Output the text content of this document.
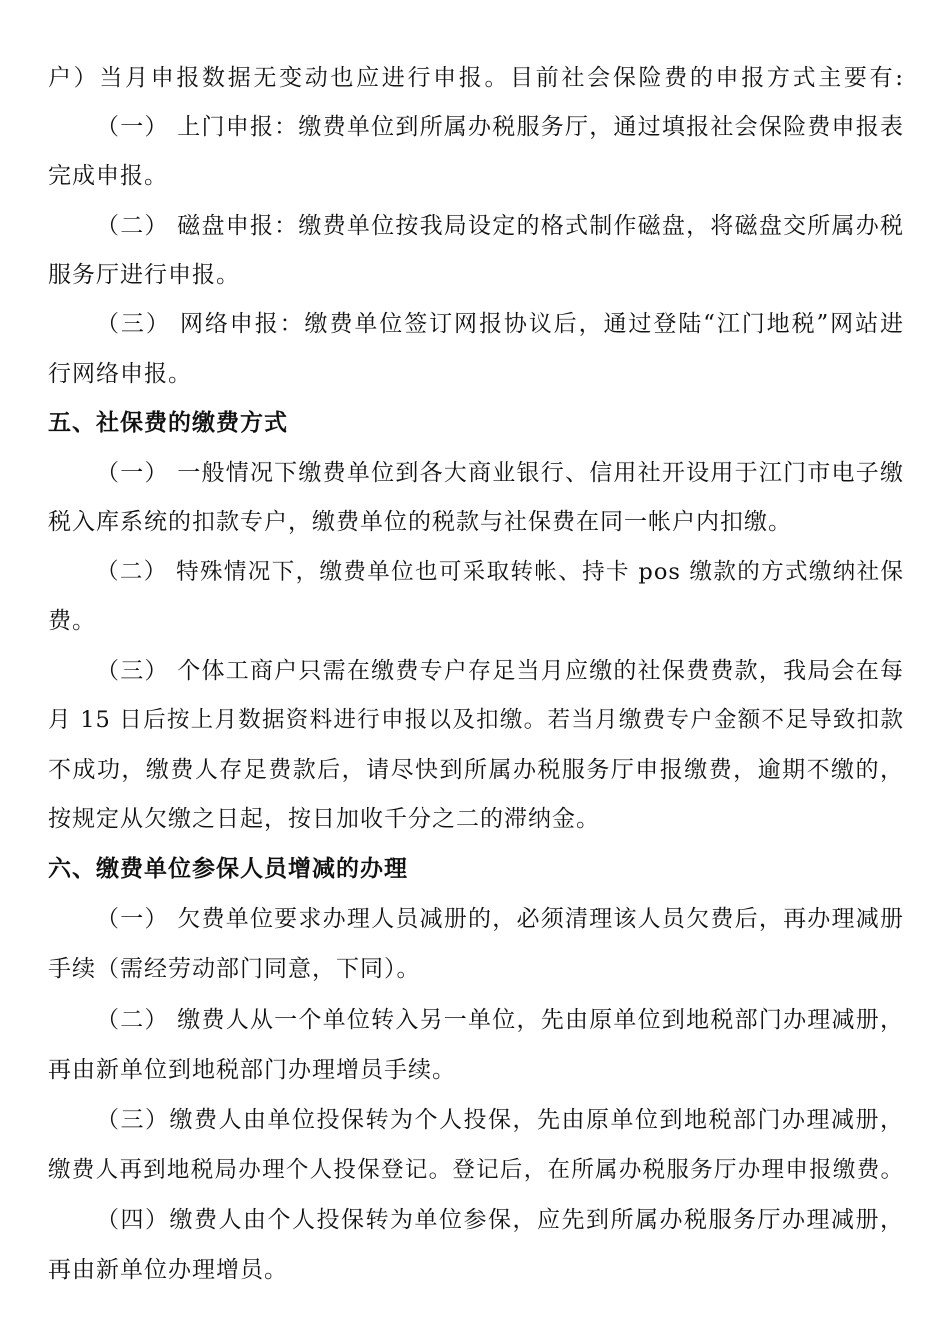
户）当月申报数据无变动也应进行申报。目前社会保险费的申报方式主要有:
（一） 上门申报：缴费单位到所属办税服务厅，通过填报社会保险费申报表
完成申报。
（二） 磁盘申报：缴费单位按我局设定的格式制作磁盘，将磁盘交所属办税
服务厅进行申报。
（三） 网络申报：缴费单位签订网报协议后，通过登陆“江门地税”网站进
行网络申报。
五、社保费的缴费方式
（一） 一般情况下缴费单位到各大商业银行、信用社开设用于江门市电子缴
税入库系统的扣款专户，缴费单位的税款与社保费在同一帐户内扣缴。
（二） 特殊情况下，缴费单位也可采取转帐、持卡 pos 缴款的方式缴纳社保
费。
（三） 个体工商户只需在缴费专户存足当月应缴的社保费费款，我局会在每
月 15 日后按上月数据资料进行申报以及扣缴。若当月缴费专户金额不足导致扣款
不成功，缴费人存足费款后，请尽快到所属办税服务厅申报缴费，逾期不缴的，
按规定从欠缴之日起，按日加收千分之二的滞纳金。
六、缴费单位参保人员增减的办理
（一） 欠费单位要求办理人员减册的，必须清理该人员欠费后，再办理减册
手续（需经劳动部门同意，下同）。
（二） 缴费人从一个单位转入另一单位，先由原单位到地税部门办理减册，
再由新单位到地税部门办理增员手续。
（三）缴费人由单位投保转为个人投保，先由原单位到地税部门办理减册，
缴费人再到地税局办理个人投保登记。登记后，在所属办税服务厅办理申报缴费。
（四）缴费人由个人投保转为单位参保，应先到所属办税服务厅办理减册，
再由新单位办理增员。
